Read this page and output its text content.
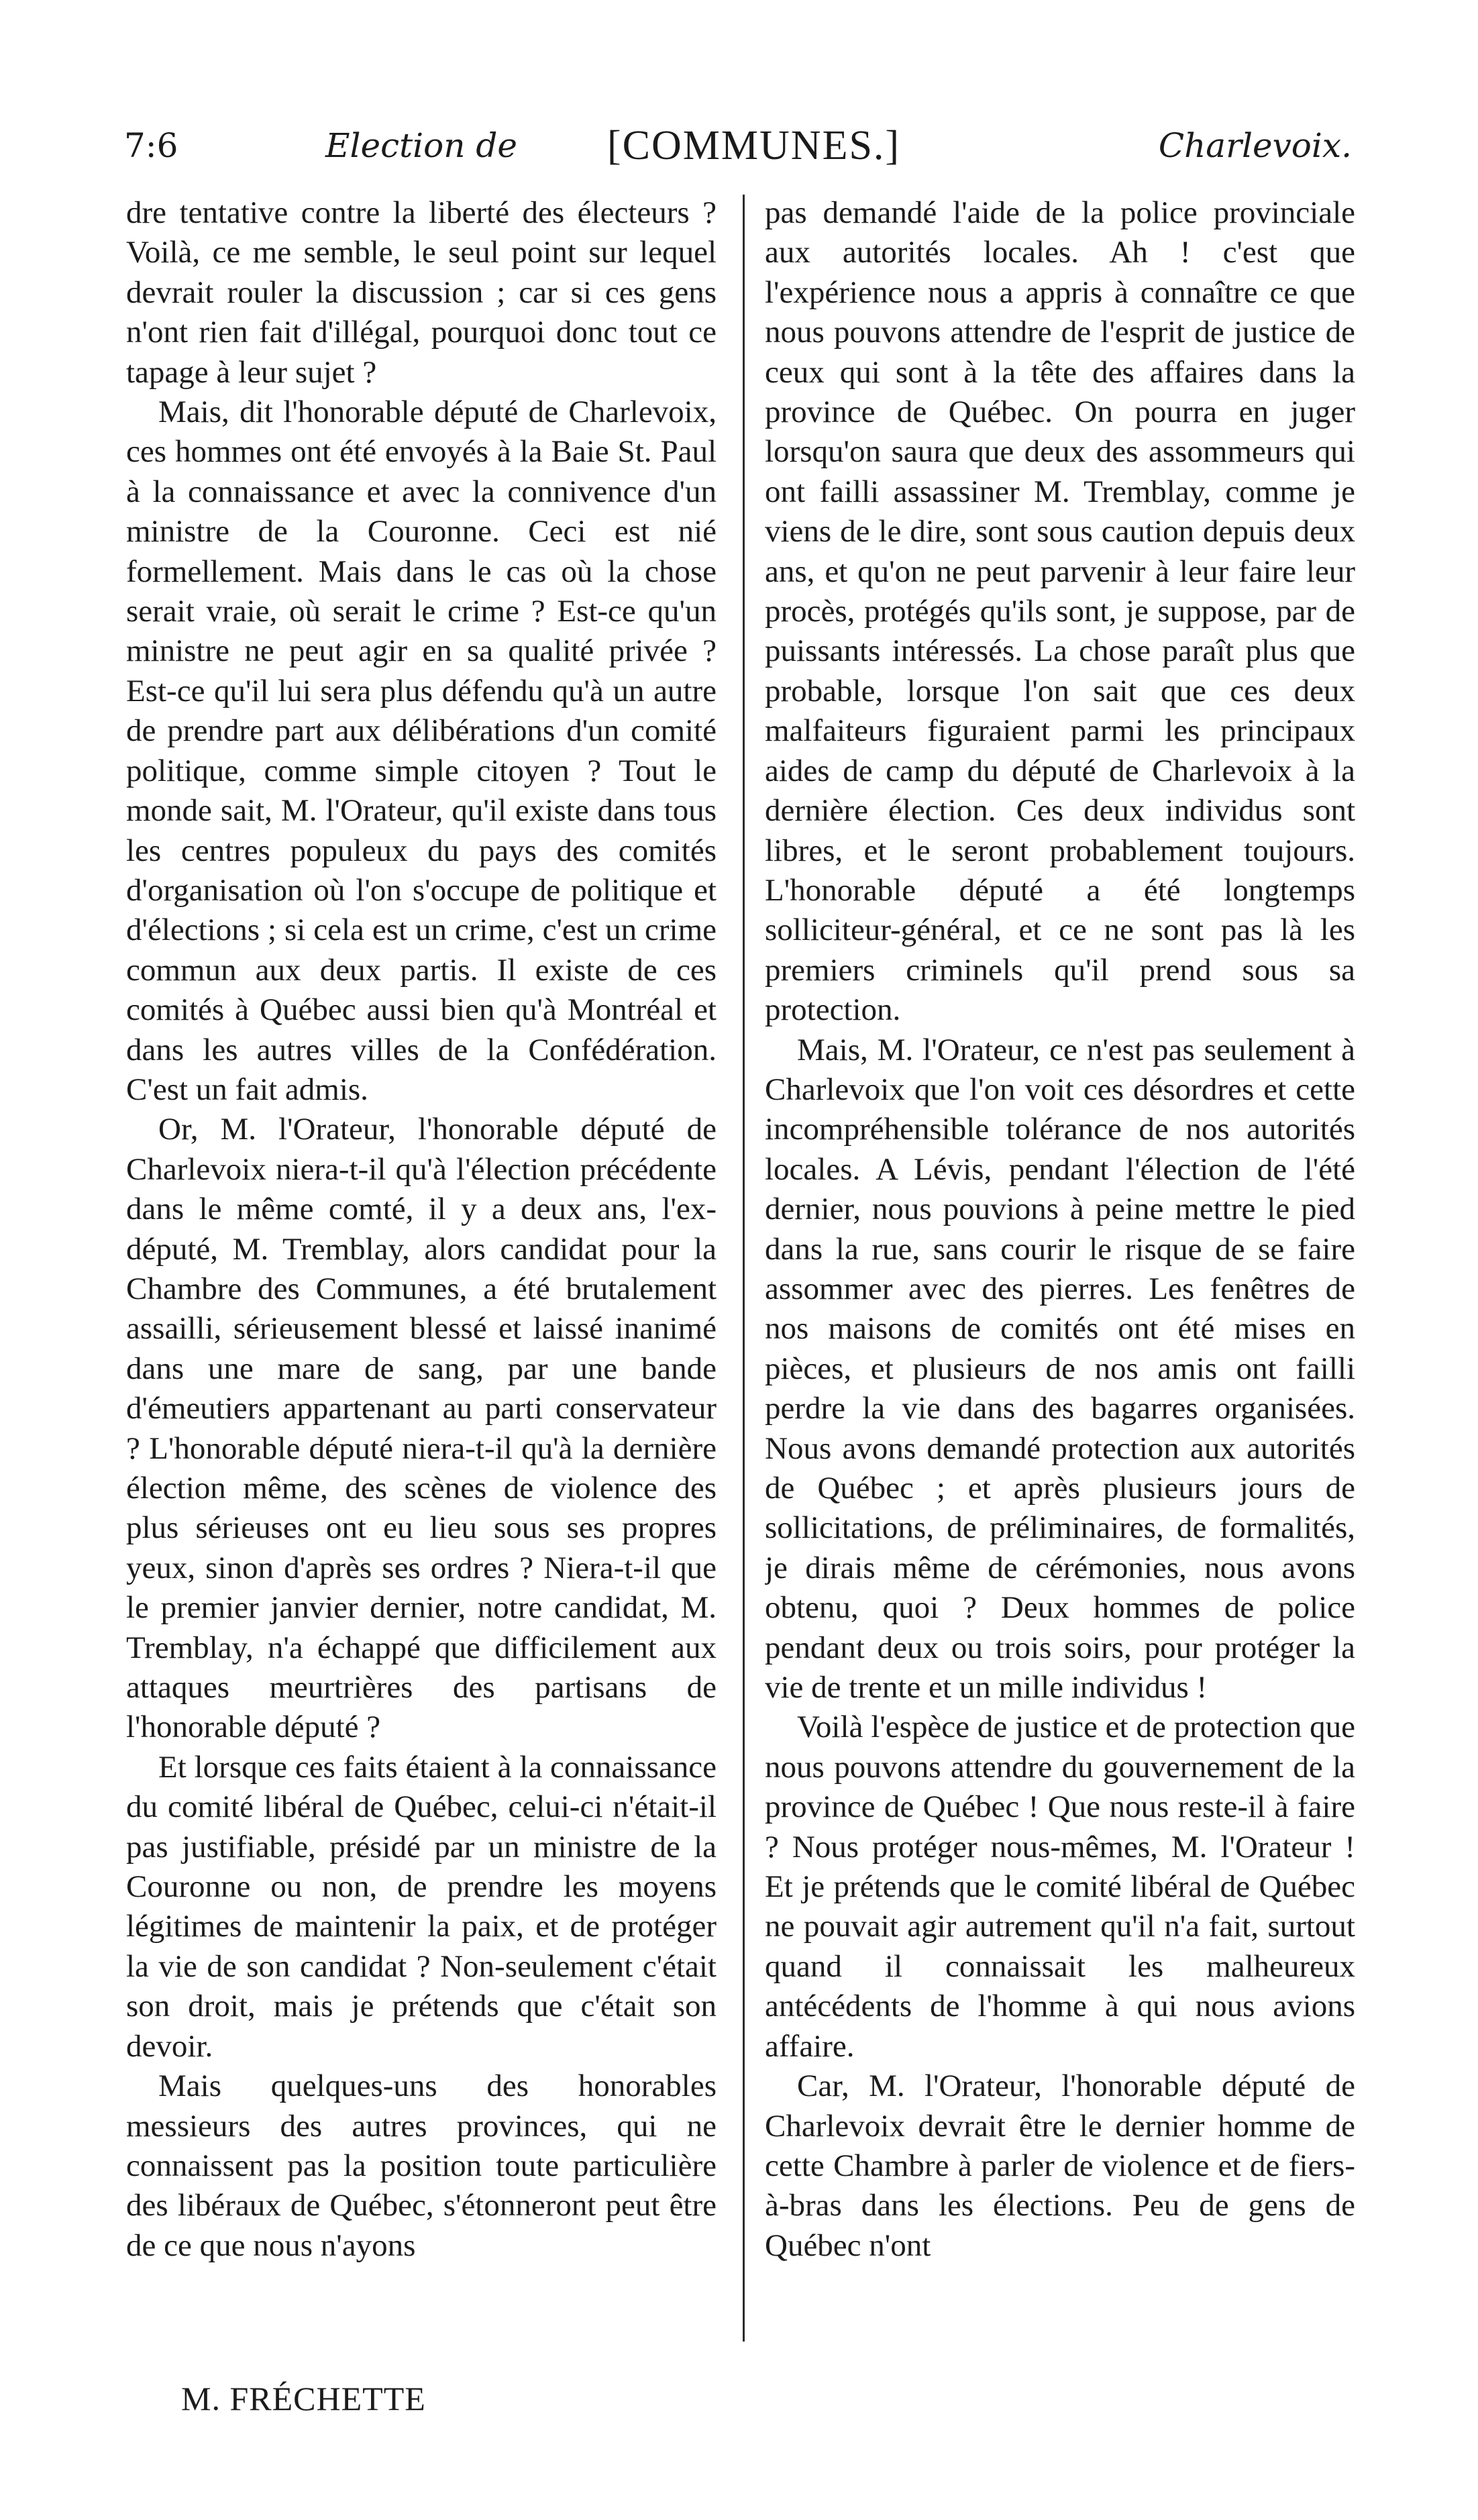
7:6	Election de [COMMUNES.]	Charlevoix.

dre tentative contre la liberté des électeurs ? Voilà, ce me semble, le seul point sur lequel devrait rouler la discussion ; car si ces gens n'ont rien fait d'illégal, pourquoi donc tout ce tapage à leur sujet ?

Mais, dit l'honorable député de Charlevoix, ces hommes ont été envoyés à la Baie St. Paul à la connaissance et avec la connivence d'un ministre de la Couronne. Ceci est nié formellement. Mais dans le cas où la chose serait vraie, où serait le crime ? Est-ce qu'un ministre ne peut agir en sa qualité privée ? Est-ce qu'il lui sera plus défendu qu'à un autre de prendre part aux délibérations d'un comité politique, comme simple citoyen ? Tout le monde sait, M. l'Orateur, qu'il existe dans tous les centres populeux du pays des comités d'organisation où l'on s'occupe de politique et d'élections ; si cela est un crime, c'est un crime commun aux deux partis. Il existe de ces comités à Québec aussi bien qu'à Montréal et dans les autres villes de la Confédération. C'est un fait admis.

Or, M. l'Orateur, l'honorable député de Charlevoix niera-t-il qu'à l'élection précédente dans le même comté, il y a deux ans, l'ex-député, M. Tremblay, alors candidat pour la Chambre des Communes, a été brutalement assailli, sérieusement blessé et laissé inanimé dans une mare de sang, par une bande d'émeutiers appartenant au parti conservateur ? L'honorable député niera-t-il qu'à la dernière élection même, des scènes de violence des plus sérieuses ont eu lieu sous ses propres yeux, sinon d'après ses ordres ? Niera-t-il que le premier janvier dernier, notre candidat, M. Tremblay, n'a échappé que difficilement aux attaques meurtrières des partisans de l'honorable député ?

Et lorsque ces faits étaient à la connaissance du comité libéral de Québec, celui-ci n'était-il pas justifiable, présidé par un ministre de la Couronne ou non, de prendre les moyens légitimes de maintenir la paix, et de protéger la vie de son candidat ? Non-seulement c'était son droit, mais je prétends que c'était son devoir.

Mais quelques-uns des honorables messieurs des autres provinces, qui ne connaissent pas la position toute particulière des libéraux de Québec, s'étonneront peut être de ce que nous n'ayons

pas demandé l'aide de la police provinciale aux autorités locales. Ah ! c'est que l'expérience nous a appris à connaître ce que nous pouvons attendre de l'esprit de justice de ceux qui sont à la tête des affaires dans la province de Québec. On pourra en juger lorsqu'on saura que deux des assommeurs qui ont failli assassiner M. Tremblay, comme je viens de le dire, sont sous caution depuis deux ans, et qu'on ne peut parvenir à leur faire leur procès, protégés qu'ils sont, je suppose, par de puissants intéressés. La chose paraît plus que probable, lorsque l'on sait que ces deux malfaiteurs figuraient parmi les principaux aides de camp du député de Charlevoix à la dernière élection. Ces deux individus sont libres, et le seront probablement toujours. L'honorable député a été longtemps solliciteur-général, et ce ne sont pas là les premiers criminels qu'il prend sous sa protection.

Mais, M. l'Orateur, ce n'est pas seulement à Charlevoix que l'on voit ces désordres et cette incompréhensible tolérance de nos autorités locales. A Lévis, pendant l'élection de l'été dernier, nous pouvions à peine mettre le pied dans la rue, sans courir le risque de se faire assommer avec des pierres. Les fenêtres de nos maisons de comités ont été mises en pièces, et plusieurs de nos amis ont failli perdre la vie dans des bagarres organisées. Nous avons demandé protection aux autorités de Québec ; et après plusieurs jours de sollicitations, de préliminaires, de formalités, je dirais même de cérémonies, nous avons obtenu, quoi ? Deux hommes de police pendant deux ou trois soirs, pour protéger la vie de trente et un mille individus !

Voilà l'espèce de justice et de protection que nous pouvons attendre du gouvernement de la province de Québec ! Que nous reste-il à faire ? Nous protéger nous-mêmes, M. l'Orateur ! Et je prétends que le comité libéral de Québec ne pouvait agir autrement qu'il n'a fait, surtout quand il connaissait les malheureux antécédents de l'homme à qui nous avions affaire.

Car, M. l'Orateur, l'honorable député de Charlevoix devrait être le dernier homme de cette Chambre à parler de violence et de fiers-à-bras dans les élections. Peu de gens de Québec n'ont

M. FRÉCHETTE
